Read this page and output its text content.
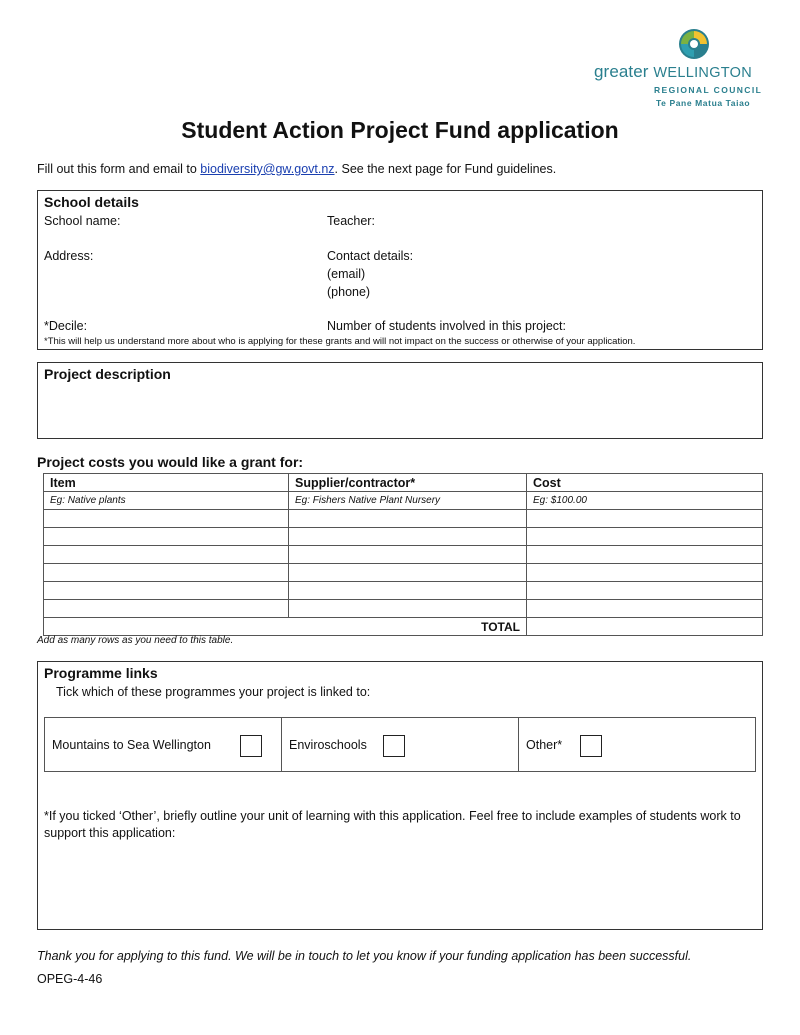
greater WELLINGTON
REGIONAL COUNCIL
Te Pane Matua Taiao
Student Action Project Fund application
Fill out this form and email to biodiversity@gw.govt.nz. See the next page for Fund guidelines.
School details
School name:	Teacher:
Address:	Contact details:
(email)
(phone)
*Decile:	Number of students involved in this project:
*This will help us understand more about who is applying for these grants and will not impact on the success or otherwise of your application.
Project description
Project costs you would like a grant for:
Item	Supplier/contractor*	Cost
Eg: Native plants	Eg: Fishers Native Plant Nursery	Eg: $100.00

TOTAL		
Add as many rows as you need to this table.
Programme links
Tick which of these programmes your project is linked to:
Mountains to Sea Wellington	Enviroschools	Other*
*If you ticked ‘Other’, briefly outline your unit of learning with this application. Feel free to include examples of students work to support this application:
Thank you for applying to this fund. We will be in touch to let you know if your funding application has been successful.
OPEG-4-46
